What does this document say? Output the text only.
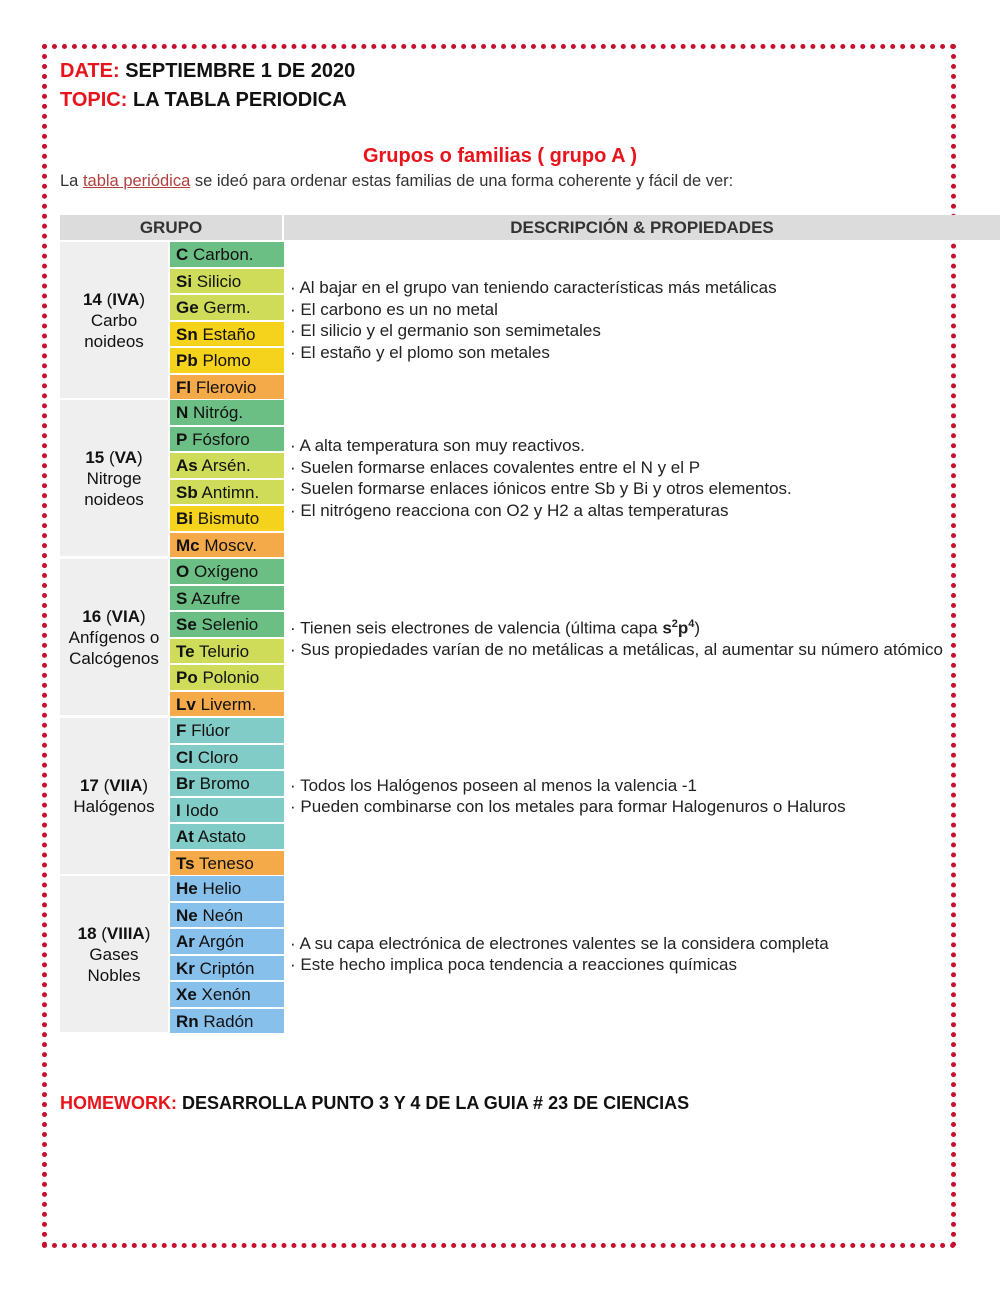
DATE: SEPTIEMBRE 1 DE 2020
TOPIC: LA TABLA PERIODICA
Grupos o familias ( grupo A )
La tabla periódica se ideó para ordenar estas familias de una forma coherente y fácil de ver:
GRUPO	DESCRIPCIÓN & PROPIEDADES
14 (IVA)
Carbo
noideos
C Carbon.
Si Silicio
Ge Germ.
Sn Estaño
Pb Plomo
Fl Flerovio
· Al bajar en el grupo van teniendo características más metálicas
· El carbono es un no metal
· El silicio y el germanio son semimetales
· El estaño y el plomo son metales
15 (VA)
Nitroge
noideos
N Nitróg.
P Fósforo
As Arsén.
Sb Antimn.
Bi Bismuto
Mc Moscv.
· A alta temperatura son muy reactivos.
· Suelen formarse enlaces covalentes entre el N y el P
· Suelen formarse enlaces iónicos entre Sb y Bi y otros elementos.
· El nitrógeno reacciona con O2 y H2 a altas temperaturas
16 (VIA)
Anfígenos o
Calcógenos
O Oxígeno
S Azufre
Se Selenio
Te Telurio
Po Polonio
Lv Liverm.
· Tienen seis electrones de valencia (última capa $s^2p^4$)
· Sus propiedades varían de no metálicas a metálicas, al aumentar su número atómico
17 (VIIA)
Halógenos
F Flúor
Cl Cloro
Br Bromo
I Iodo
At Astato
Ts Teneso
· Todos los Halógenos poseen al menos la valencia -1
· Pueden combinarse con los metales para formar Halogenuros o Haluros
18 (VIIIA)
Gases
Nobles
He Helio
Ne Neón
Ar Argón
Kr Criptón
Xe Xenón
Rn Radón
· A su capa electrónica de electrones valentes se la considera completa
· Este hecho implica poca tendencia a reacciones químicas
HOMEWORK: DESARROLLA PUNTO 3 Y 4 DE LA GUIA # 23 DE CIENCIAS
